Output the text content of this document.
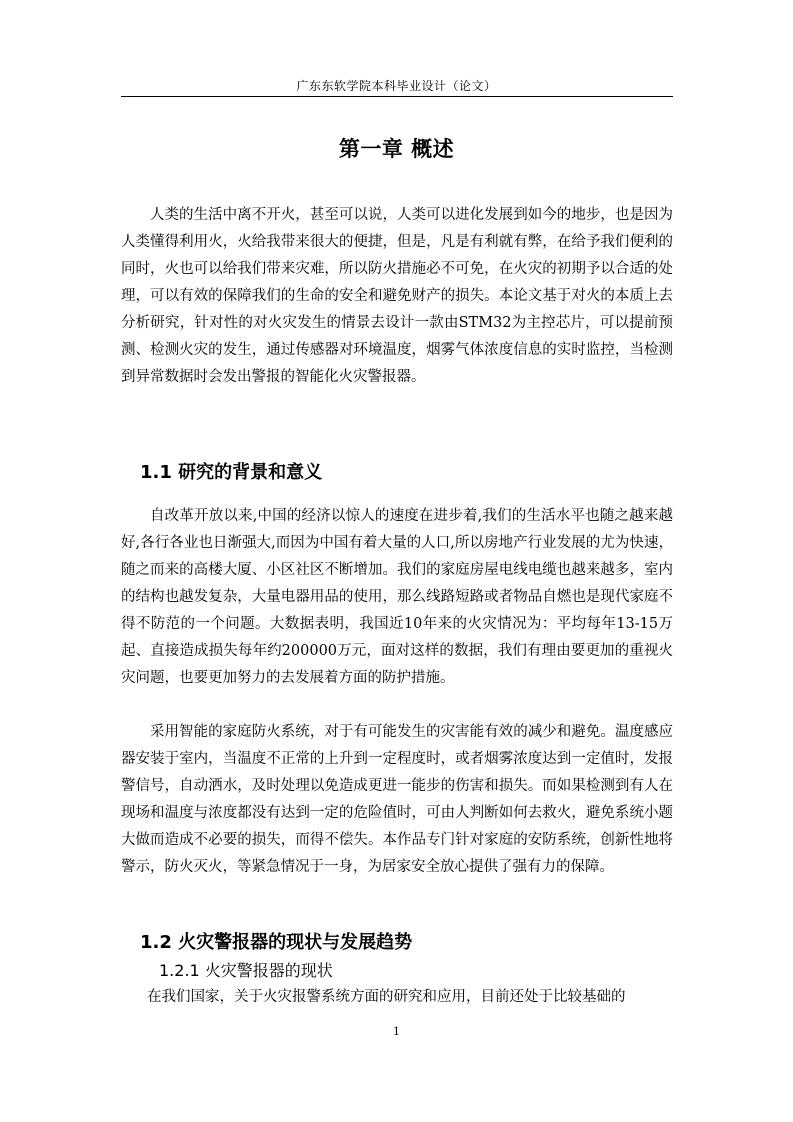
广东东软学院本科毕业设计（论文）
第一章 概述

人类的生活中离不开火，甚至可以说，人类可以进化发展到如今的地步，也是因为人类懂得利用火，火给我带来很大的便捷，但是，凡是有利就有弊，在给予我们便利的同时，火也可以给我们带来灾难，所以防火措施必不可免，在火灾的初期予以合适的处理，可以有效的保障我们的生命的安全和避免财产的损失。本论文基于对火的本质上去分析研究，针对性的对火灾发生的情景去设计一款由STM32为主控芯片，可以提前预测、检测火灾的发生，通过传感器对环境温度，烟雾气体浓度信息的实时监控，当检测到异常数据时会发出警报的智能化火灾警报器。

1.1 研究的背景和意义

自改革开放以来,中国的经济以惊人的速度在进步着,我们的生活水平也随之越来越好,各行各业也日渐强大,而因为中国有着大量的人口,所以房地产行业发展的尤为快速，随之而来的高楼大厦、小区社区不断增加。我们的家庭房屋电线电缆也越来越多，室内的结构也越发复杂，大量电器用品的使用，那么线路短路或者物品自燃也是现代家庭不得不防范的一个问题。大数据表明，我国近10年来的火灾情况为：平均每年13-15万起、直接造成损失每年约200000万元，面对这样的数据，我们有理由要更加的重视火灾问题，也要更加努力的去发展着方面的防护措施。

采用智能的家庭防火系统，对于有可能发生的灾害能有效的减少和避免。温度感应器安装于室内，当温度不正常的上升到一定程度时，或者烟雾浓度达到一定值时，发报警信号，自动洒水，及时处理以免造成更进一能步的伤害和损失。而如果检测到有人在现场和温度与浓度都没有达到一定的危险值时，可由人判断如何去救火，避免系统小题大做而造成不必要的损失，而得不偿失。本作品专门针对家庭的安防系统，创新性地将警示，防火灭火，等紧急情况于一身，为居家安全放心提供了强有力的保障。

1.2 火灾警报器的现状与发展趋势
1.2.1 火灾警报器的现状

在我们国家，关于火灾报警系统方面的研究和应用，目前还处于比较基础的

1
